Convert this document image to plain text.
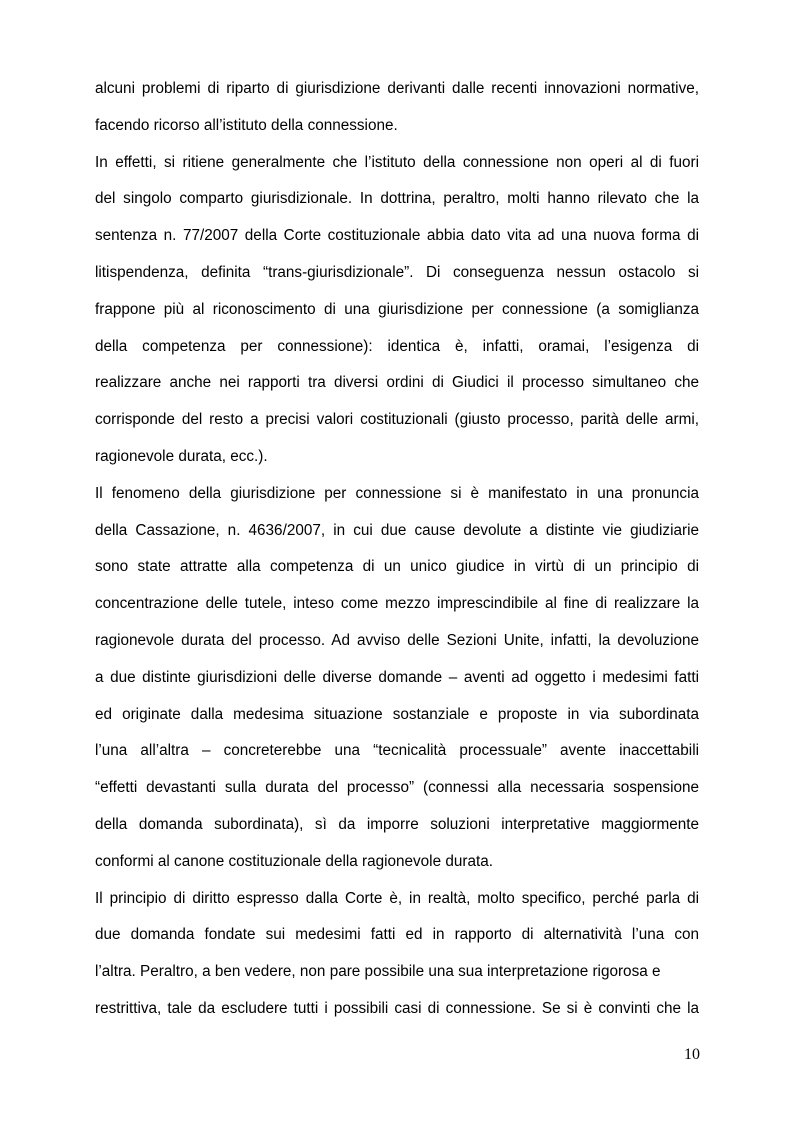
alcuni problemi di riparto di giurisdizione derivanti dalle recenti innovazioni normative,
facendo ricorso all’istituto della connessione.
In effetti, si ritiene generalmente che l’istituto della connessione non operi al di fuori
del singolo comparto giurisdizionale. In dottrina, peraltro, molti hanno rilevato che la
sentenza n. 77/2007 della Corte costituzionale abbia dato vita ad una nuova forma di
litispendenza, definita “trans-giurisdizionale”. Di conseguenza nessun ostacolo si
frappone più al riconoscimento di una giurisdizione per connessione (a somiglianza
della competenza per connessione): identica è, infatti, oramai, l’esigenza di
realizzare anche nei rapporti tra diversi ordini di Giudici il processo simultaneo che
corrisponde del resto a precisi valori costituzionali (giusto processo, parità delle armi,
ragionevole durata, ecc.).
Il fenomeno della giurisdizione per connessione si è manifestato in una pronuncia
della Cassazione, n. 4636/2007, in cui due cause devolute a distinte vie giudiziarie
sono state attratte alla competenza di un unico giudice in virtù di un principio di
concentrazione delle tutele, inteso come mezzo imprescindibile al fine di realizzare la
ragionevole durata del processo. Ad avviso delle Sezioni Unite, infatti, la devoluzione
a due distinte giurisdizioni delle diverse domande – aventi ad oggetto i medesimi fatti
ed originate dalla medesima situazione sostanziale e proposte in via subordinata
l’una all’altra – concreterebbe una “tecnicalità processuale” avente inaccettabili
“effetti devastanti sulla durata del processo” (connessi alla necessaria sospensione
della domanda subordinata), sì da imporre soluzioni interpretative maggiormente
conformi al canone costituzionale della ragionevole durata.
Il principio di diritto espresso dalla Corte è, in realtà, molto specifico, perché parla di
due domanda fondate sui medesimi fatti ed in rapporto di alternatività l’una con
l’altra. Peraltro, a ben vedere, non pare possibile una sua interpretazione rigorosa e
restrittiva, tale da escludere tutti i possibili casi di connessione. Se si è convinti che la
10
